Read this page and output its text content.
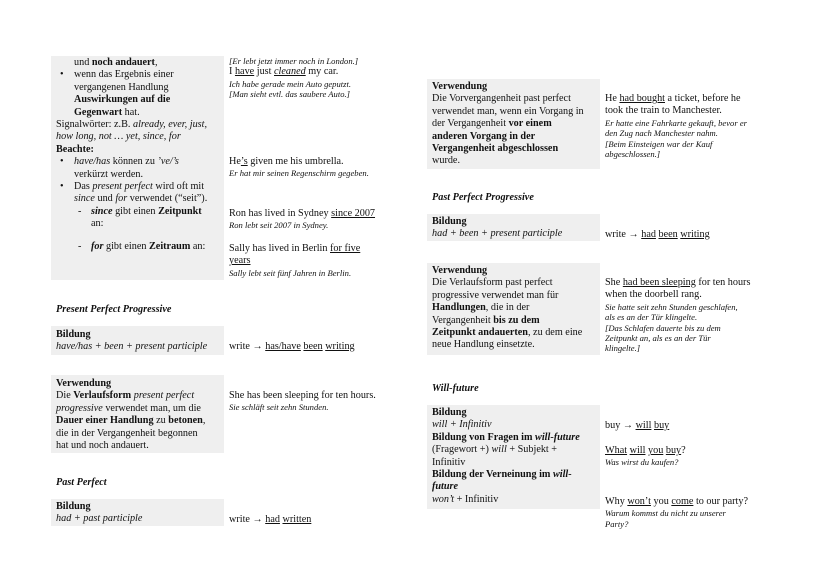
und noch andauert,
• wenn das Ergebnis einer
vergangenen Handlung
Auswirkungen auf die
Gegenwart hat.
Signalwörter: z.B. already, ever, just,
how long, not … yet, since, for
Beachte:
• have/has können zu ’ve/’s
verkürzt werden.
• Das present perfect wird oft mit
since und for verwendet (“seit”).
- since gibt einen Zeitpunkt
an:
- for gibt einen Zeitraum an:
[Er lebt jetzt immer noch in London.]
I have just cleaned my car.
Ich habe gerade mein Auto geputzt.
[Man sieht evtl. das saubere Auto.]
He’s given me his umbrella.
Er hat mir seinen Regenschirm gegeben.
Ron has lived in Sydney since 2007
Ron lebt seit 2007 in Sydney.
Sally has lived in Berlin for five
years
Sally lebt seit fünf Jahren in Berlin.
Present Perfect Progressive
Bildung
have/has + been + present participle write → has/have been writing
Verwendung
Die Verlaufsform present perfect
progressive verwendet man, um die
Dauer einer Handlung zu betonen,
die in der Vergangenheit begonnen
hat und noch andauert.
She has been sleeping for ten hours.
Sie schläft seit zehn Stunden.
Past Perfect
Bildung
had + past participle	write → had written
Verwendung
Die Vorvergangenheit past perfect
verwendet man, wenn ein Vorgang in
der Vergangenheit vor einem
anderen Vorgang in der
Vergangenheit abgeschlossen
wurde.
He had bought a ticket, before he
took the train to Manchester.
Er hatte eine Fahrkarte gekauft, bevor er
den Zug nach Manchester nahm.
[Beim Einsteigen war der Kauf
abgeschlossen.]
Past Perfect Progressive
Bildung
had + been + present participle	write → had been writing
Verwendung
Die Verlaufsform past perfect
progressive verwendet man für
Handlungen, die in der
Vergangenheit bis zu dem
Zeitpunkt andauerten, zu dem eine
neue Handlung einsetzte.
She had been sleeping for ten hours
when the doorbell rang.
Sie hatte seit zehn Stunden geschlafen,
als es an der Tür klingelte.
[Das Schlafen dauerte bis zu dem
Zeitpunkt an, als es an der Tür
klingelte.]
Will-future
Bildung
will + Infinitiv
Bildung von Fragen im will-future
(Fragewort +) will + Subjekt +
Infinitiv
Bildung der Verneinung im will-
future
won’t + Infinitiv
buy → will buy
What will you buy?
Was wirst du kaufen?
Why won’t you come to our party?
Warum kommst du nicht zu unserer
Party?
